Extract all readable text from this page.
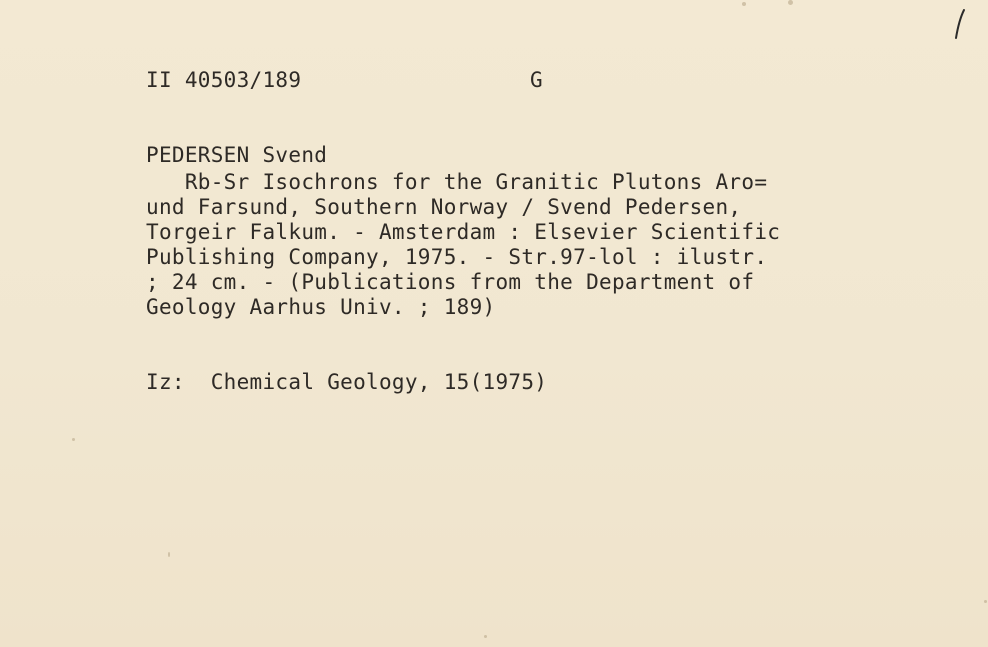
II 40503/189	G
PEDERSEN Svend
Rb-Sr Isochrons for the Granitic Plutons Aro=
und Farsund, Southern Norway / Svend Pedersen,
Torgeir Falkum. - Amsterdam : Elsevier Scientific
Publishing Company, 1975. - Str.97-lol : ilustr.
; 24 cm. - (Publications from the Department of
Geology Aarhus Univ. ; 189)
Iz:  Chemical Geology, 15(1975)
